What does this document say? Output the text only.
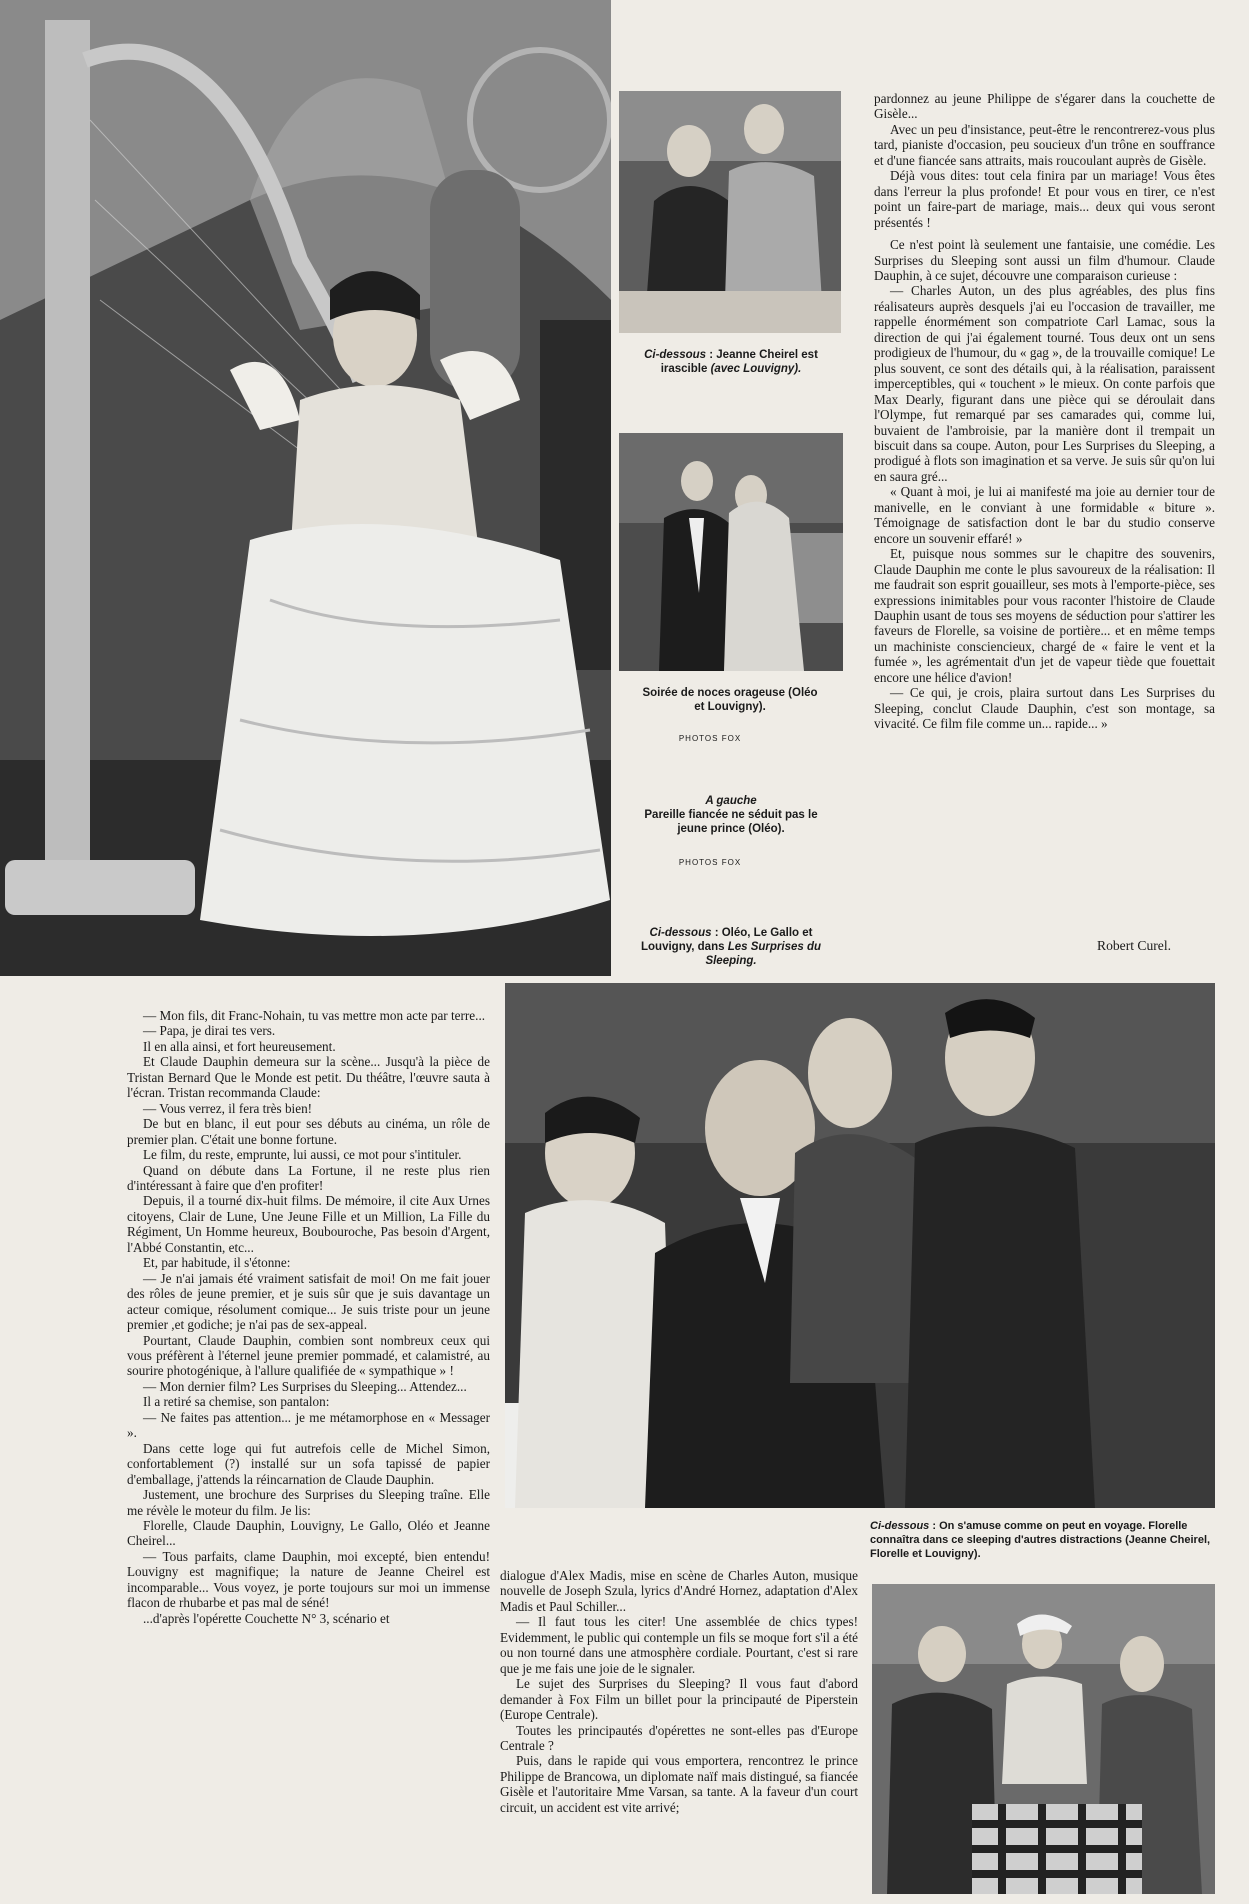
Ci-dessous : Jeanne Cheirel est irascible (avec Louvigny).
Soirée de noces orageuse (Oléo et Louvigny).
PHOTOS FOX
A gauche
Pareille fiancée ne séduit pas le jeune prince (Oléo).
PHOTOS FOX
Ci-dessous : Oléo, Le Gallo et Louvigny, dans Les Surprises du Sleeping.

pardonnez au jeune Philippe de s'égarer dans la couchette de Gisèle...

Avec un peu d'insistance, peut-être le rencontrerez-vous plus tard, pianiste d'occasion, peu soucieux d'un trône en souffrance et d'une fiancée sans attraits, mais roucoulant auprès de Gisèle.

Déjà vous dites: tout cela finira par un mariage! Vous êtes dans l'erreur la plus profonde! Et pour vous en tirer, ce n'est point un faire-part de mariage, mais... deux qui vous seront présentés !

Ce n'est point là seulement une fantaisie, une comédie. Les Surprises du Sleeping sont aussi un film d'humour. Claude Dauphin, à ce sujet, découvre une comparaison curieuse :

— Charles Auton, un des plus agréables, des plus fins réalisateurs auprès desquels j'ai eu l'occasion de travailler, me rappelle énormément son compatriote Carl Lamac, sous la direction de qui j'ai également tourné. Tous deux ont un sens prodigieux de l'humour, du « gag », de la trouvaille comique! Le plus souvent, ce sont des détails qui, à la réalisation, paraissent imperceptibles, qui « touchent » le mieux. On conte parfois que Max Dearly, figurant dans une pièce qui se déroulait dans l'Olympe, fut remarqué par ses camarades qui, comme lui, buvaient de l'ambroisie, par la manière dont il trempait un biscuit dans sa coupe. Auton, pour Les Surprises du Sleeping, a prodigué à flots son imagination et sa verve. Je suis sûr qu'on lui en saura gré...

« Quant à moi, je lui ai manifesté ma joie au dernier tour de manivelle, en le conviant à une formidable « biture ». Témoignage de satisfaction dont le bar du studio conserve encore un souvenir effaré! »

Et, puisque nous sommes sur le chapitre des souvenirs, Claude Dauphin me conte le plus savoureux de la réalisation: Il me faudrait son esprit gouailleur, ses mots à l'emporte-pièce, ses expressions inimitables pour vous raconter l'histoire de Claude Dauphin usant de tous ses moyens de séduction pour s'attirer les faveurs de Florelle, sa voisine de portière... et en même temps un machiniste consciencieux, chargé de « faire le vent et la fumée », les agrémentait d'un jet de vapeur tiède que fouettait encore une hélice d'avion!

— Ce qui, je crois, plaira surtout dans Les Surprises du Sleeping, conclut Claude Dauphin, c'est son montage, sa vivacité. Ce film file comme un... rapide... »

Robert Curel.
Ci-dessous : On s'amuse comme on peut en voyage. Florelle connaîtra dans ce sleeping d'autres distractions (Jeanne Cheirel, Florelle et Louvigny).

— Mon fils, dit Franc-Nohain, tu vas mettre mon acte par terre...

— Papa, je dirai tes vers.

Il en alla ainsi, et fort heureusement.

Et Claude Dauphin demeura sur la scène... Jusqu'à la pièce de Tristan Bernard Que le Monde est petit. Du théâtre, l'œuvre sauta à l'écran. Tristan recommanda Claude:

— Vous verrez, il fera très bien!

De but en blanc, il eut pour ses débuts au cinéma, un rôle de premier plan. C'était une bonne fortune.

Le film, du reste, emprunte, lui aussi, ce mot pour s'intituler.

Quand on débute dans La Fortune, il ne reste plus rien d'intéressant à faire que d'en profiter!

Depuis, il a tourné dix-huit films. De mémoire, il cite Aux Urnes citoyens, Clair de Lune, Une Jeune Fille et un Million, La Fille du Régiment, Un Homme heureux, Boubouroche, Pas besoin d'Argent, l'Abbé Constantin, etc...

Et, par habitude, il s'étonne:

— Je n'ai jamais été vraiment satisfait de moi! On me fait jouer des rôles de jeune premier, et je suis sûr que je suis davantage un acteur comique, résolument comique... Je suis triste pour un jeune premier ,et godiche; je n'ai pas de sex-appeal.

Pourtant, Claude Dauphin, combien sont nombreux ceux qui vous préfèrent à l'éternel jeune premier pommadé, et calamistré, au sourire photogénique, à l'allure qualifiée de « sympathique » !

— Mon dernier film? Les Surprises du Sleeping... Attendez...

Il a retiré sa chemise, son pantalon:

— Ne faites pas attention... je me métamorphose en « Messager ».

Dans cette loge qui fut autrefois celle de Michel Simon, confortablement (?) installé sur un sofa tapissé de papier d'emballage, j'attends la réincarnation de Claude Dauphin.

Justement, une brochure des Surprises du Sleeping traîne. Elle me révèle le moteur du film. Je lis:

Florelle, Claude Dauphin, Louvigny, Le Gallo, Oléo et Jeanne Cheirel...

— Tous parfaits, clame Dauphin, moi excepté, bien entendu! Louvigny est magnifique; la nature de Jeanne Cheirel est incomparable... Vous voyez, je porte toujours sur moi un immense flacon de rhubarbe et pas mal de séné!

...d'après l'opérette Couchette N° 3, scénario et

dialogue d'Alex Madis, mise en scène de Charles Auton, musique nouvelle de Joseph Szula, lyrics d'André Hornez, adaptation d'Alex Madis et Paul Schiller...

— Il faut tous les citer! Une assemblée de chics types! Evidemment, le public qui contemple un fils se moque fort s'il a été ou non tourné dans une atmosphère cordiale. Pourtant, c'est si rare que je me fais une joie de le signaler.

Le sujet des Surprises du Sleeping? Il vous faut d'abord demander à Fox Film un billet pour la principauté de Piperstein (Europe Centrale).

Toutes les principautés d'opérettes ne sont-elles pas d'Europe Centrale ?

Puis, dans le rapide qui vous emportera, rencontrez le prince Philippe de Brancowa, un diplomate naïf mais distingué, sa fiancée Gisèle et l'autoritaire Mme Varsan, sa tante. A la faveur d'un court circuit, un accident est vite arrivé;
